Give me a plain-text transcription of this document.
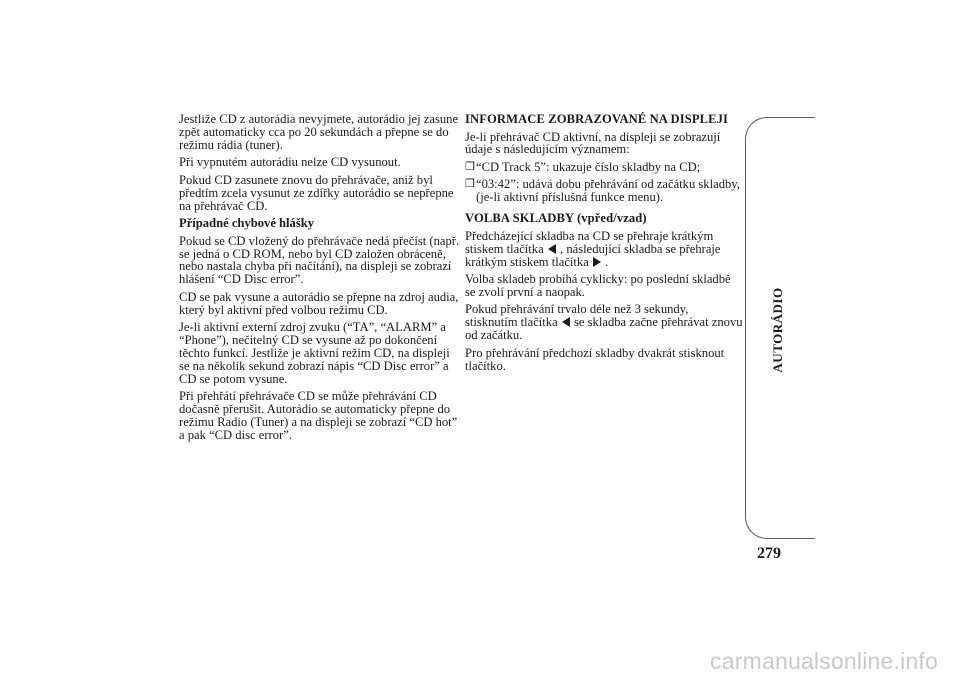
Jestliže CD z autorádia nevyjmete, autorádio jej zasune zpět automaticky cca po 20 sekundách a přepne se do režimu rádia (tuner).

Při vypnutém autorádiu nelze CD vysunout.

Pokud CD zasunete znovu do přehrávače, aniž byl předtím zcela vysunut ze zdířky autorádio se nepřepne na přehrávač CD.

Případné chybové hlášky

Pokud se CD vložený do přehrávače nedá přečíst (např. se jedná o CD ROM, nebo byl CD založen obráceně, nebo nastala chyba při načítání), na displeji se zobrazí hlášení “CD Disc error”.

CD se pak vysune a autorádio se přepne na zdroj audia, který byl aktivní před volbou režimu CD.

Je-li aktivní externí zdroj zvuku (“TA”, “ALARM” a “Phone”), nečitelný CD se vysune až po dokončení těchto funkcí. Jestliže je aktivní režim CD, na displeji se na několik sekund zobrazí nápis “CD Disc error” a CD se potom vysune.

Při přehřátí přehrávače CD se může přehrávání CD dočasně přerušit. Autorádio se automaticky přepne do režimu Radio (Tuner) a na displeji se zobrazí “CD hot” a pak “CD disc error”.

INFORMACE ZOBRAZOVANÉ NA DISPLEJI

Je-li přehrávač CD aktivní, na displeji se zobrazují údaje s následujícím významem:

❒ “CD Track 5”: ukazuje číslo skladby na CD;
❒ “03:42”: udává dobu přehrávání od začátku skladby, (je-li aktivní příslušná funkce menu).
VOLBA SKLADBY (vpřed/vzad)

Předcházející skladba na CD se přehraje krátkým stiskem tlačítka , následující skladba se přehraje krátkým stiskem tlačítka .

Volba skladeb probíhá cyklicky: po poslední skladbě se zvolí první a naopak.

Pokud přehrávání trvalo déle než 3 sekundy, stisknutím tlačítka se skladba začne přehrávat znovu od začátku.

Pro přehrávání předchozí skladby dvakrát stisknout tlačítko.	AUTORÁDIO
279
carmanualsonline.info
